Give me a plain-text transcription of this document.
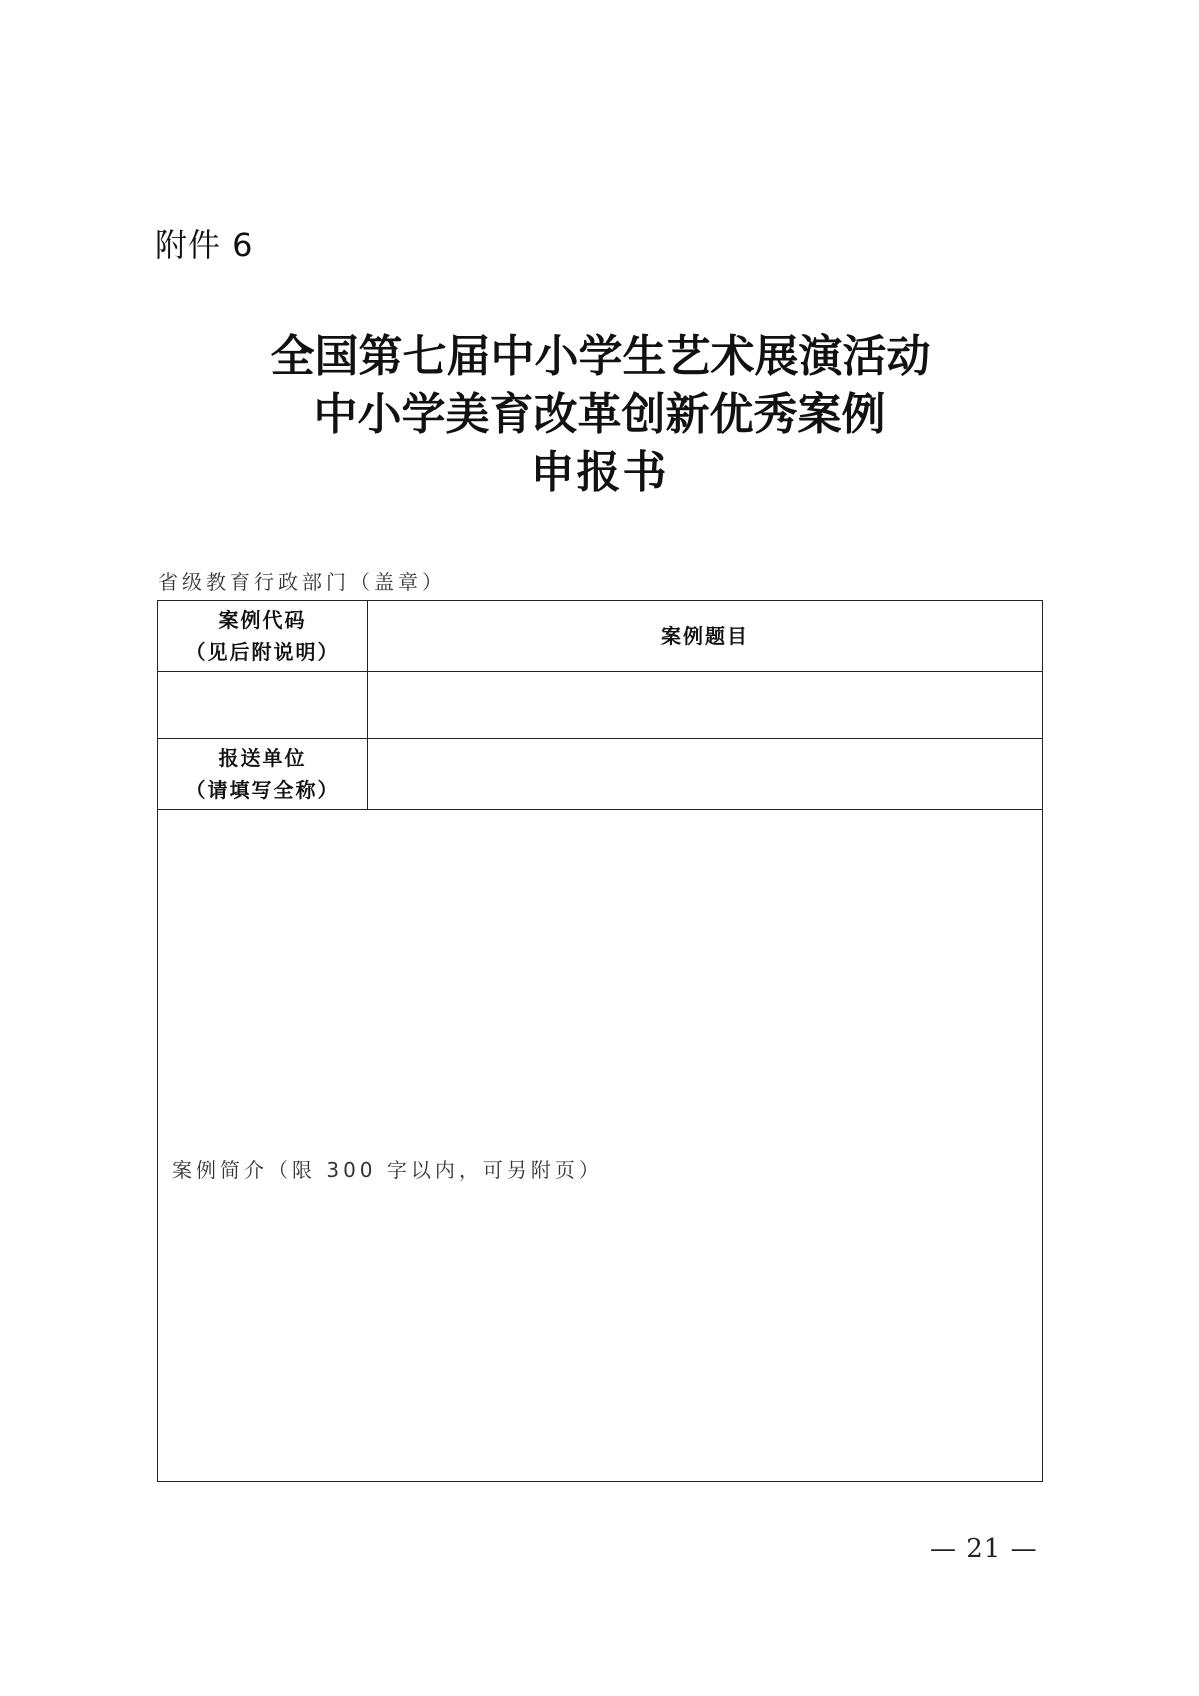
附件 6
全国第七届中小学生艺术展演活动
中小学美育改革创新优秀案例
申报书
省级教育行政部门（盖章）
案例代码
（见后附说明）	案例题目

报送单位
（请填写全称）	

案例简介（限 300 字以内，可另附页）	
— 21 —
